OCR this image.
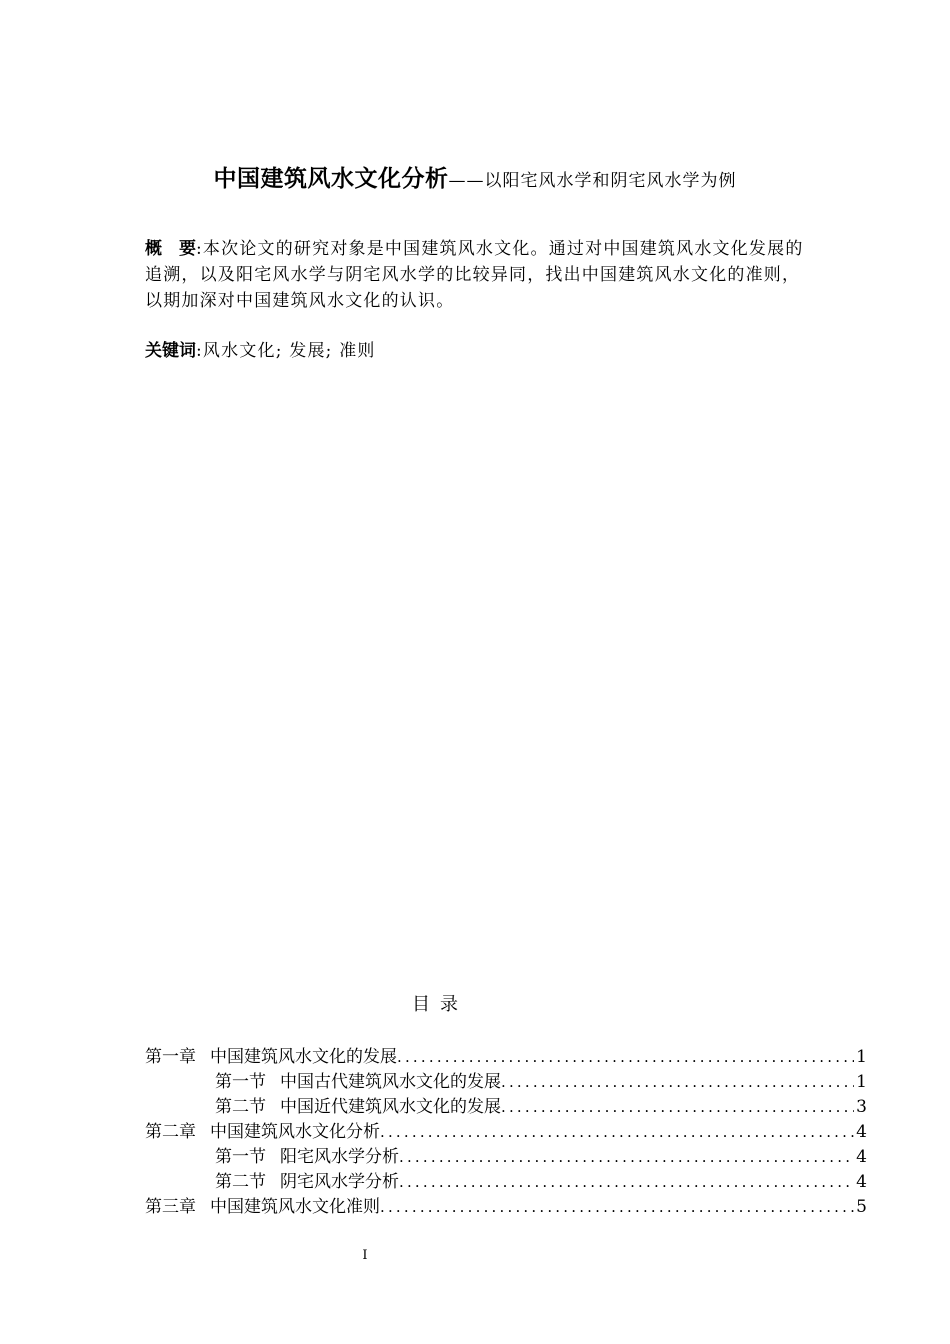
中国建筑风水文化分析——以阳宅风水学和阴宅风水学为例
概　要:本次论文的研究对象是中国建筑风水文化。通过对中国建筑风水文化发展的追溯，以及阳宅风水学与阴宅风水学的比较异同，找出中国建筑风水文化的准则，以期加深对中国建筑风水文化的认识。
关键词:风水文化; 发展; 准则
目录
第一章 中国建筑风水文化的发展 .....	1
第一节 中国古代建筑风水文化的发展 .....	1
第二节 中国近代建筑风水文化的发展 .....	3
第二章 中国建筑风水文化分析 .....	4
第一节 阳宅风水学分析 .....	4
第二节 阴宅风水学分析 .....	4
第三章 中国建筑风水文化准则 .....	5
I
